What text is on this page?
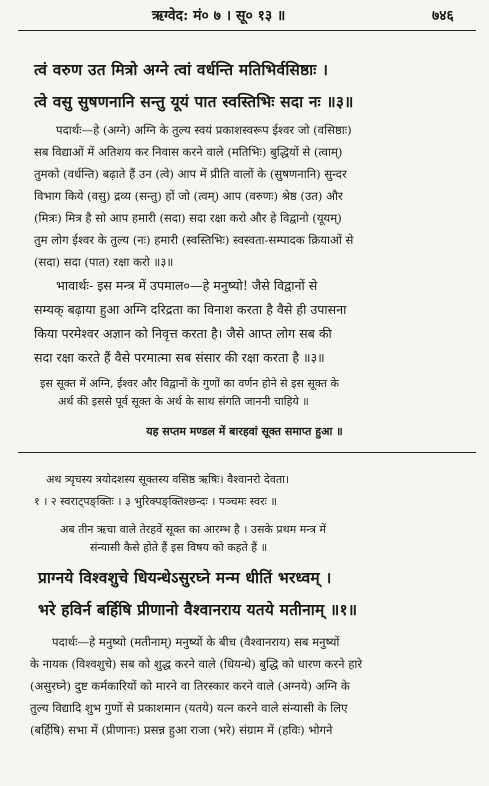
ऋग्वेद: मं० ७ । सू० १३ ॥	७४६
त्वं वरुण उत मित्रो अग्ने त्वां वर्धन्ति मतिभिर्वसिष्ठाः ।
त्वे वसु सुषणनानि सन्तु यूयं पात स्वस्तिभिः सदा नः ॥३॥
पदार्थः—हे (अग्ने) अग्नि के तुल्य स्वयं प्रकाशस्वरूप ईश्वर जो (वसिष्ठाः)
सब विद्याओं में अतिशय कर निवास करने वाले (मतिभिः) बुद्धियों से (त्वाम्)
तुमको (वर्धन्ति) बढ़ाते हैं उन (त्वे) आप में प्रीति वालों के (सुषणनानि) सुन्दर
विभाग किये (वसु) द्रव्य (सन्तु) हों जो (त्वम्) आप (वरुणः) श्रेष्ठ (उत) और
(मित्रः) मित्र है सो आप हमारी (सदा) सदा रक्षा करो और हे विद्वानो (यूयम्)
तुम लोग ईश्वर के तुल्य (नः) हमारी (स्वस्तिभिः) स्वस्वता-सम्पादक क्रियाओं से
(सदा) सदा (पात) रक्षा करो ॥३॥
भावार्थः- इस मन्त्र में उपमाल०—हे मनुष्यो! जैसे विद्वानों से
सम्यक् बढ़ाया हुआ अग्नि दरिद्रता का विनाश करता है वैसे ही उपासना
किया परमेश्वर अज्ञान को निवृत्त करता है। जैसे आप्त लोग सब की
सदा रक्षा करते हैं वैसे परमात्मा सब संसार की रक्षा करता है ॥३॥
इस सूक्त में अग्नि, ईश्वर और विद्वानों के गुणों का वर्णन होने से इस सूक्त के
अर्थ की इससे पूर्व सूक्त के अर्थ के साथ संगति जाननी चाहिये ॥
यह सप्तम मण्डल में बारहवां सूक्त समाप्त हुआ ॥
अथ त्र्यृचस्य त्रयोदशस्य सूक्तस्य वसिष्ठ ऋषिः। वैश्वानरो देवता।
१ । २ स्वराट्पङ्क्तिः । ३ भुरिक्पङ्क्तिश्छन्दः । पञ्चमः स्वरः ॥
अब तीन ऋचा वाले तेरहवें सूक्त का आरम्भ है । उसके प्रथम मन्त्र में
संन्यासी कैसे होते हैं इस विषय को कहते हैं ॥
प्राग्नये विश्वशुचे धियन्धेऽसुरघ्ने मन्म धीतिं भरध्वम् ।
भरे हविर्न बर्हिषि प्रीणानो वैश्वानराय यतये मतीनाम् ॥१॥
पदार्थः—हे मनुष्यो (मतीनाम्) मनुष्यों के बीच (वैश्वानराय) सब मनुष्यों
के नायक (विश्वशुचे) सब को शुद्ध करने वाले (धियन्धे) बुद्धि को धारण करने हारे
(असुरघ्ने) दुष्ट कर्मकारियों को मारने वा तिरस्कार करने वाले (अग्नये) अग्नि के
तुल्य विद्यादि शुभ गुणों से प्रकाशमान (यतये) यत्न करने वाले संन्यासी के लिए
(बर्हिषि) सभा में (प्रीणानः) प्रसन्न हुआ राजा (भरे) संग्राम में (हविः) भोगने
